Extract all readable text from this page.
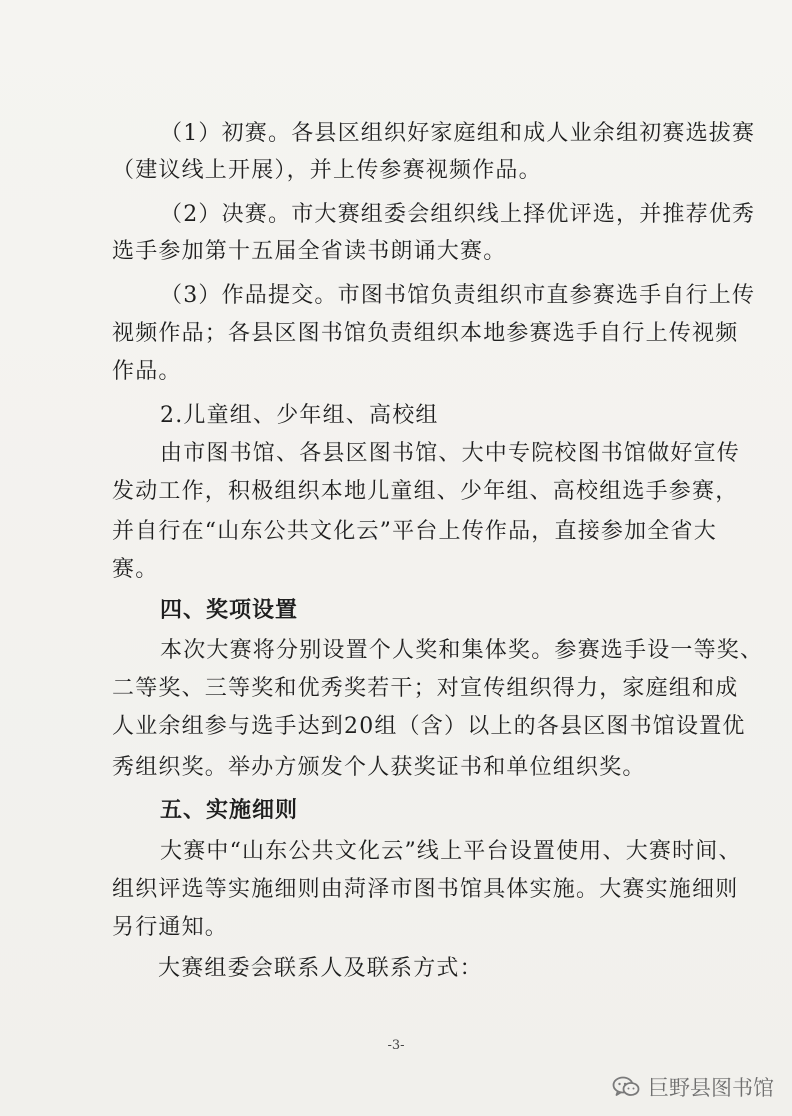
（1）初赛。各县区组织好家庭组和成人业余组初赛选拔赛
（建议线上开展），并上传参赛视频作品。
（2）决赛。市大赛组委会组织线上择优评选，并推荐优秀
选手参加第十五届全省读书朗诵大赛。
（3）作品提交。市图书馆负责组织市直参赛选手自行上传
视频作品；各县区图书馆负责组织本地参赛选手自行上传视频
作品。
2.儿童组、少年组、高校组
由市图书馆、各县区图书馆、大中专院校图书馆做好宣传
发动工作，积极组织本地儿童组、少年组、高校组选手参赛，
并自行在“山东公共文化云”平台上传作品，直接参加全省大
赛。
四、奖项设置
本次大赛将分别设置个人奖和集体奖。参赛选手设一等奖、
二等奖、三等奖和优秀奖若干；对宣传组织得力，家庭组和成
人业余组参与选手达到20组（含）以上的各县区图书馆设置优
秀组织奖。举办方颁发个人获奖证书和单位组织奖。
五、实施细则
大赛中“山东公共文化云”线上平台设置使用、大赛时间、
组织评选等实施细则由菏泽市图书馆具体实施。大赛实施细则
另行通知。
大赛组委会联系人及联系方式：
-3-
巨野县图书馆
